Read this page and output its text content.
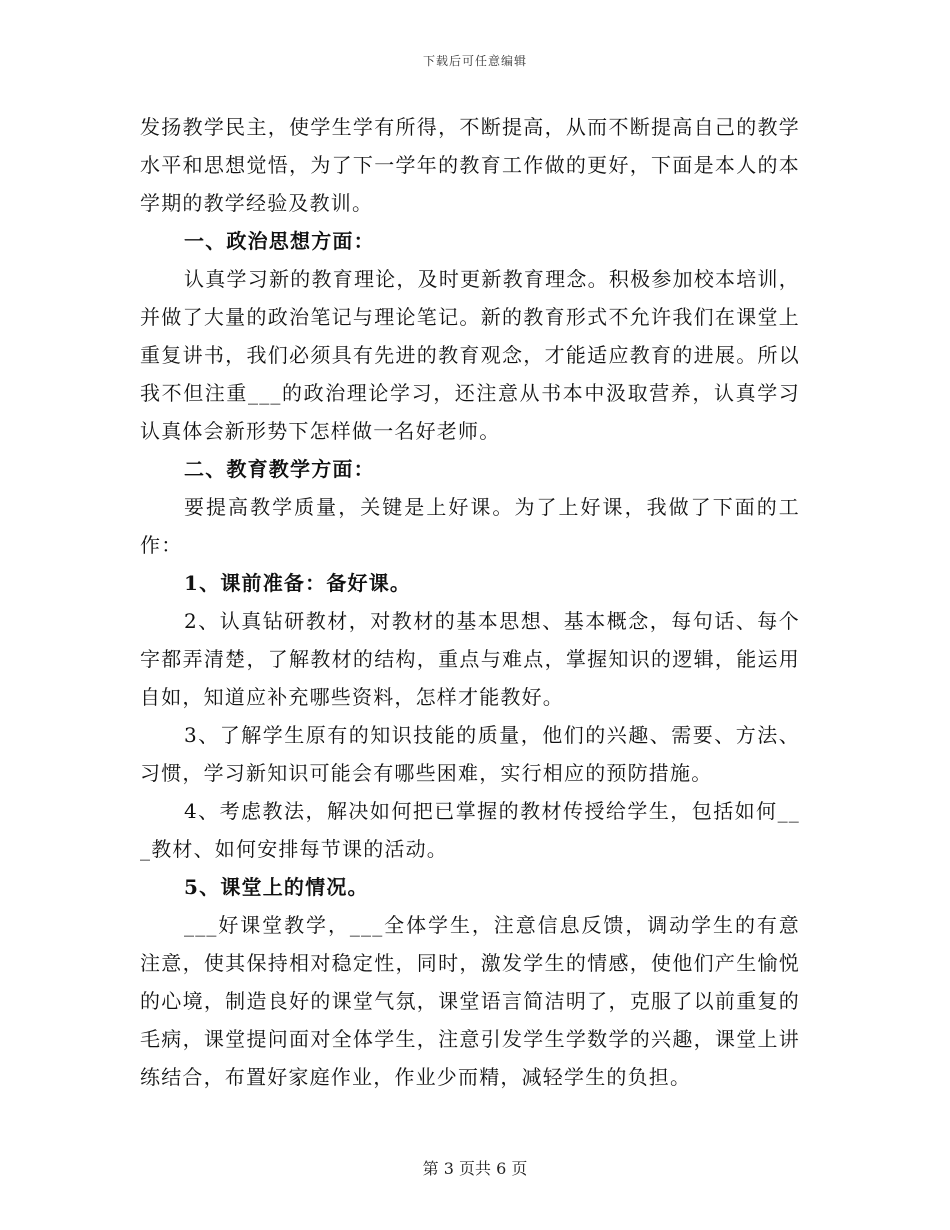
下载后可任意编辑

发扬教学民主，使学生学有所得，不断提高，从而不断提高自己的教学水平和思想觉悟，为了下一学年的教育工作做的更好，下面是本人的本学期的教学经验及教训。

一、政治思想方面：

认真学习新的教育理论，及时更新教育理念。积极参加校本培训，并做了大量的政治笔记与理论笔记。新的教育形式不允许我们在课堂上重复讲书，我们必须具有先进的教育观念，才能适应教育的进展。所以我不但注重___的政治理论学习，还注意从书本中汲取营养，认真学习认真体会新形势下怎样做一名好老师。

二、教育教学方面：

要提高教学质量，关键是上好课。为了上好课，我做了下面的工作：

1、课前准备：备好课。

2、认真钻研教材，对教材的基本思想、基本概念，每句话、每个字都弄清楚，了解教材的结构，重点与难点，掌握知识的逻辑，能运用自如，知道应补充哪些资料，怎样才能教好。

3、了解学生原有的知识技能的质量，他们的兴趣、需要、方法、习惯，学习新知识可能会有哪些困难，实行相应的预防措施。

4、考虑教法，解决如何把已掌握的教材传授给学生，包括如何___教材、如何安排每节课的活动。

5、课堂上的情况。

___好课堂教学，___全体学生，注意信息反馈，调动学生的有意注意，使其保持相对稳定性，同时，激发学生的情感，使他们产生愉悦的心境，制造良好的课堂气氛，课堂语言简洁明了，克服了以前重复的毛病，课堂提问面对全体学生，注意引发学生学数学的兴趣，课堂上讲练结合，布置好家庭作业，作业少而精，减轻学生的负担。

第 3 页共 6 页
